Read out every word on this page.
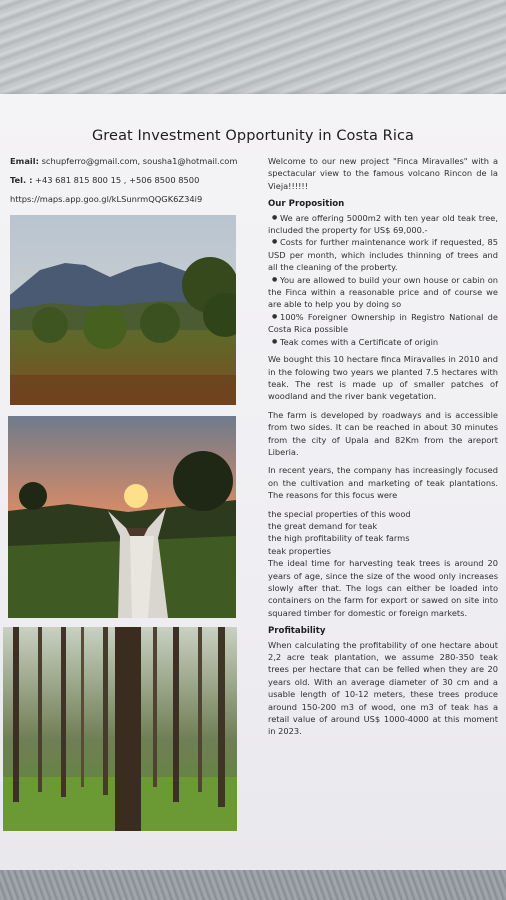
Great Investment Opportunity in Costa Rica
Email: schupferro@gmail.com, sousha1@hotmail.com
Tel. : +43 681 815 800 15 , +506 8500 8500
https://maps.app.goo.gl/kLSunrmQQGK6Z34i9

Welcome to our new project "Finca Miravalles" with a spectacular view to the famous volcano Rincon de la Vieja!!!!!!

Our Proposition
● We are offering 5000m2 with ten year old teak tree, included the property for US$ 69,000.-
● Costs for further maintenance work if requested, 85 USD per month, which includes thinning of trees and all the cleaning of the proberty.
● You are allowed to build your own house or cabin on the Finca within a reasonable price and of course we are able to help you by doing so
● 100% Foreigner Ownership in Registro National de Costa Rica possible
● Teak comes with a Certificate of origin

We bought this 10 hectare finca Miravalles in 2010 and in the folowing two years we planted 7.5 hectares with teak. The rest is made up of smaller patches of woodland and the river bank vegetation.

The farm is developed by roadways and is accessible from two sides. It can be reached in about 30 minutes from the city of Upala and 82Km from the areport Liberia.

In recent years, the company has increasingly focused on the cultivation and marketing of teak plantations. The reasons for this focus were

the special properties of this wood
the great demand for teak
the high profitability of teak farms
teak properties

The ideal time for harvesting teak trees is around 20 years of age, since the size of the wood only increases slowly after that. The logs can either be loaded into containers on the farm for export or sawed on site into squared timber for domestic or foreign markets.

Profitability

When calculating the profitability of one hectare about 2,2 acre teak plantation, we assume 280-350 teak trees per hectare that can be felled when they are 20 years old. With an average diameter of 30 cm and a usable length of 10-12 meters, these trees produce around 150-200 m3 of wood, one m3 of teak has a retail value of around US$ 1000-4000 at this moment in 2023.
